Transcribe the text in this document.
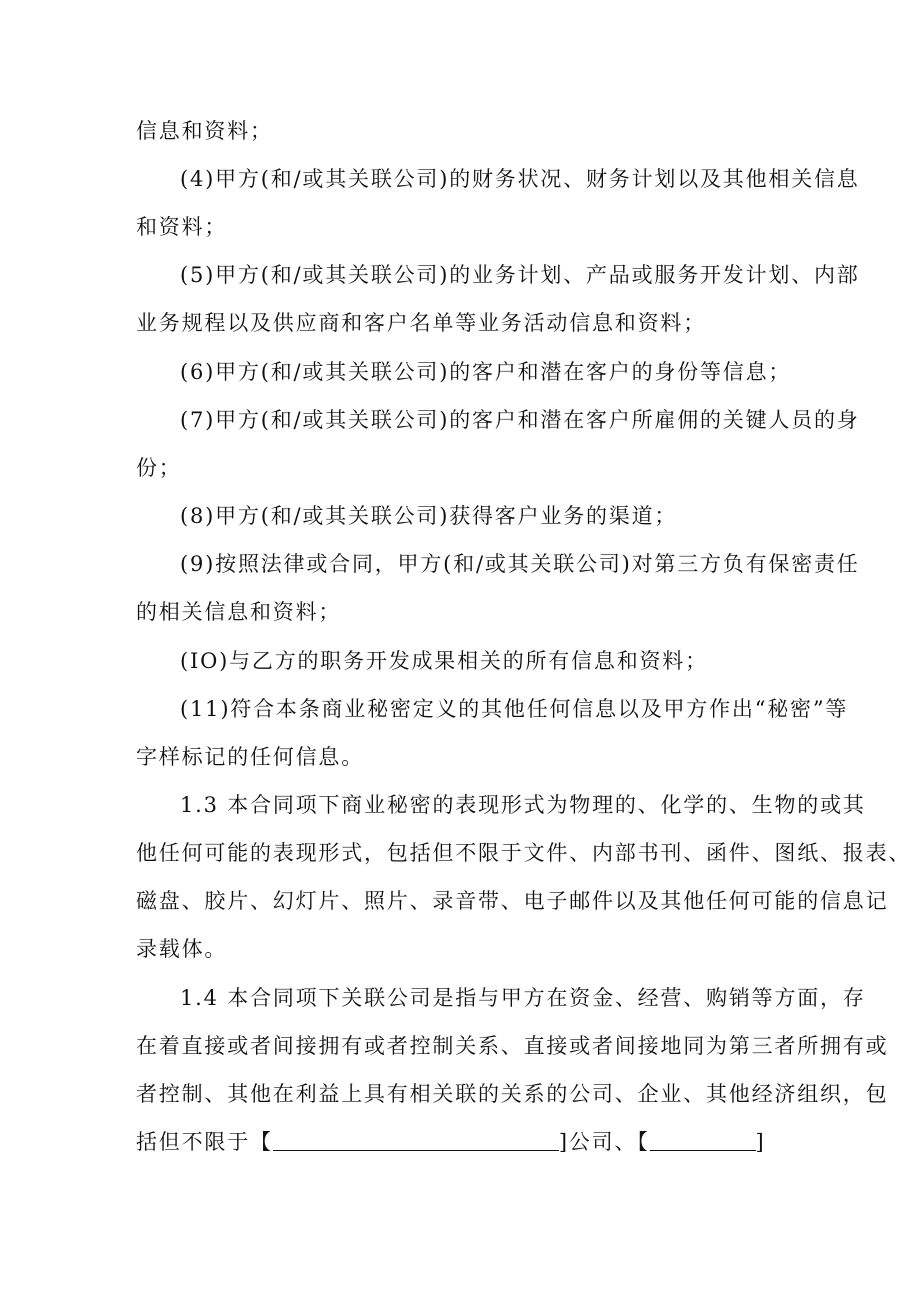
信息和资料；
(4)甲方(和/或其关联公司)的财务状况、财务计划以及其他相关信息
和资料；
(5)甲方(和/或其关联公司)的业务计划、产品或服务开发计划、内部
业务规程以及供应商和客户名单等业务活动信息和资料；
(6)甲方(和/或其关联公司)的客户和潜在客户的身份等信息；
(7)甲方(和/或其关联公司)的客户和潜在客户所雇佣的关键人员的身
份；
(8)甲方(和/或其关联公司)获得客户业务的渠道；
(9)按照法律或合同，甲方(和/或其关联公司)对第三方负有保密责任
的相关信息和资料；
(IO)与乙方的职务开发成果相关的所有信息和资料；
(11)符合本条商业秘密定义的其他任何信息以及甲方作出“秘密”等
字样标记的任何信息。
1.3 本合同项下商业秘密的表现形式为物理的、化学的、生物的或其
他任何可能的表现形式，包括但不限于文件、内部书刊、函件、图纸、报表、
磁盘、胶片、幻灯片、照片、录音带、电子邮件以及其他任何可能的信息记
录载体。
1.4 本合同项下关联公司是指与甲方在资金、经营、购销等方面，存
在着直接或者间接拥有或者控制关系、直接或者间接地同为第三者所拥有或
者控制、其他在利益上具有相关联的关系的公司、企业、其他经济组织，包
括但不限于【	]公司、【	]
